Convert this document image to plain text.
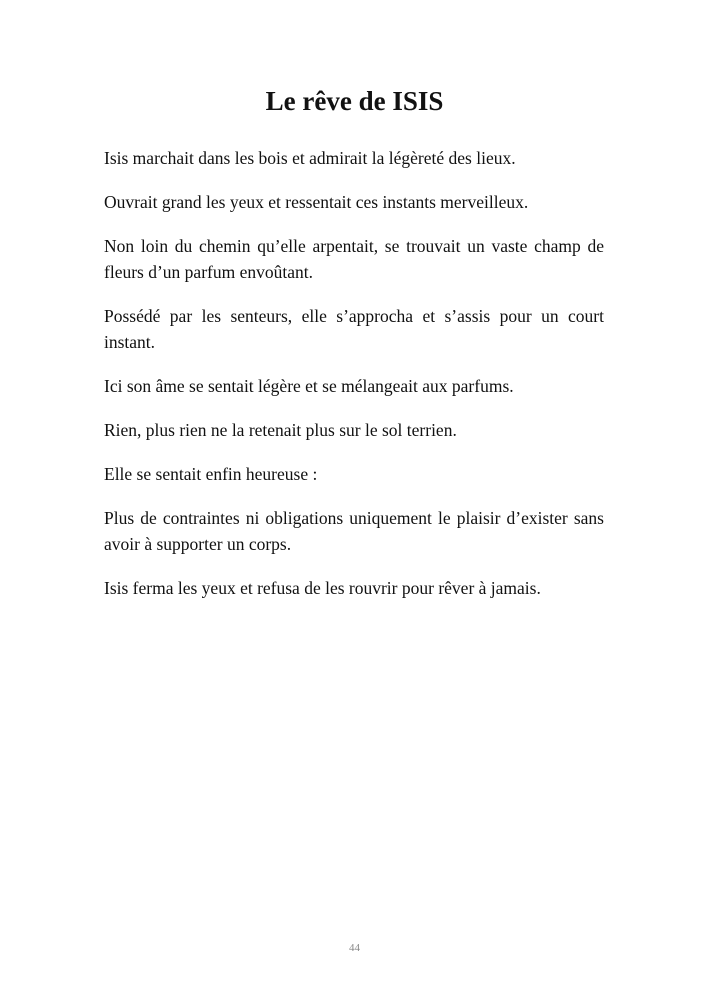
Le rêve de ISIS

Isis marchait dans les bois et admirait la légèreté des lieux.

Ouvrait grand les yeux et ressentait ces instants merveilleux.

Non loin du chemin qu’elle arpentait, se trouvait un vaste champ de fleurs d’un parfum envoûtant.

Possédé par les senteurs, elle s’approcha et s’assis pour un court instant.

Ici son âme se sentait légère et se mélangeait aux parfums.

Rien, plus rien ne la retenait plus sur le sol terrien.

Elle se sentait enfin heureuse :

Plus de contraintes ni obligations uniquement le plaisir d’exister sans avoir à supporter un corps.

Isis ferma les yeux et refusa de les rouvrir pour rêver à jamais.

44
